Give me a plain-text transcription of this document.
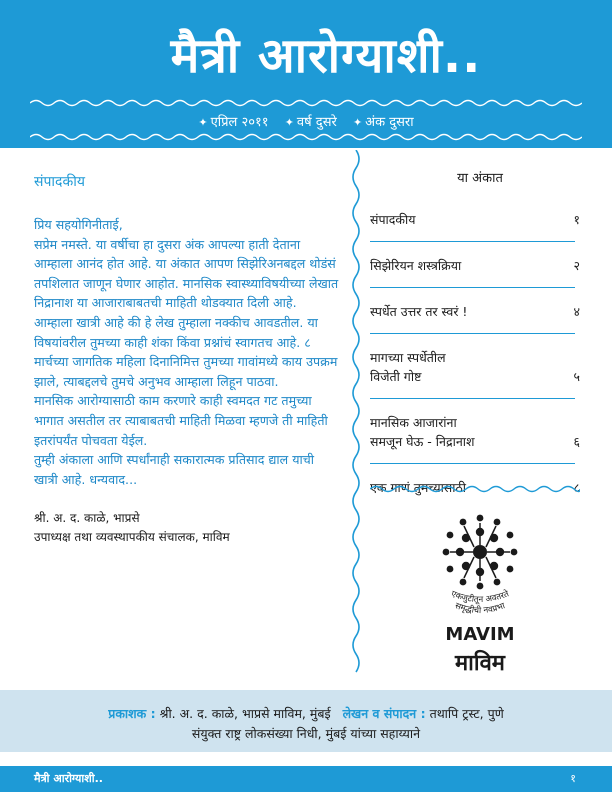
मैत्री आरोग्याशी..
✦ एप्रिल २०११ ✦ वर्ष दुसरे ✦ अंक दुसरा
संपादकीय

प्रिय सहयोगिनीताई,

सप्रेम नमस्ते. या वर्षीचा हा दुसरा अंक आपल्या हाती देताना आम्हाला आनंद होत आहे. या अंकात आपण सिझेरिअनबद्दल थोडंसं तपशिलात जाणून घेणार आहोत. मानसिक स्वास्थ्याविषयीच्या लेखात निद्रानाश या आजाराबाबतची माहिती थोडक्यात दिली आहे. आम्हाला खात्री आहे की हे लेख तुम्हाला नक्कीच आवडतील. या विषयांवरील तुमच्या काही शंका किंवा प्रश्नांचं स्वागतच आहे. ८ मार्चच्या जागतिक महिला दिनानिमित्त तुमच्या गावांमध्ये काय उपक्रम झाले, त्याबद्दलचे तुमचे अनुभव आम्हाला लिहून पाठवा.

मानसिक आरोग्यासाठी काम करणारे काही स्वमदत गट तमुच्या भागात असतील तर त्याबाबतची माहिती मिळवा म्हणजे ती माहिती इतरांपर्यंत पोचवता येईल.

तुम्ही अंकाला आणि स्पर्धांनाही सकारात्मक प्रतिसाद द्याल याची खात्री आहे. धन्यवाद...

श्री. अ. द. काळे, भाप्रसे
उपाध्यक्ष तथा व्यवस्थापकीय संचालक, माविम
या अंकात
संपादकीय	१
सिझेरियन शस्त्रक्रिया	२
स्पर्धेत उत्तर तर स्वरं !	४
मागच्या स्पर्धेतील
विजेती गोष्ट	५
मानसिक आजारांना
समजून घेऊ - निद्रानाश	६
एक गाणं तुमच्यासाठी	८
एकजुटीतून अवतरते
समृद्धीची नवप्रभा
MAVIM
माविम
प्रकाशक : श्री. अ. द. काळे, भाप्रसे माविम, मुंबई लेखन व संपादन : तथापि ट्रस्ट, पुणे
संयुक्त राष्ट्र लोकसंख्या निधी, मुंबई यांच्या सहाय्याने
मैत्री आरोग्याशी..	१
